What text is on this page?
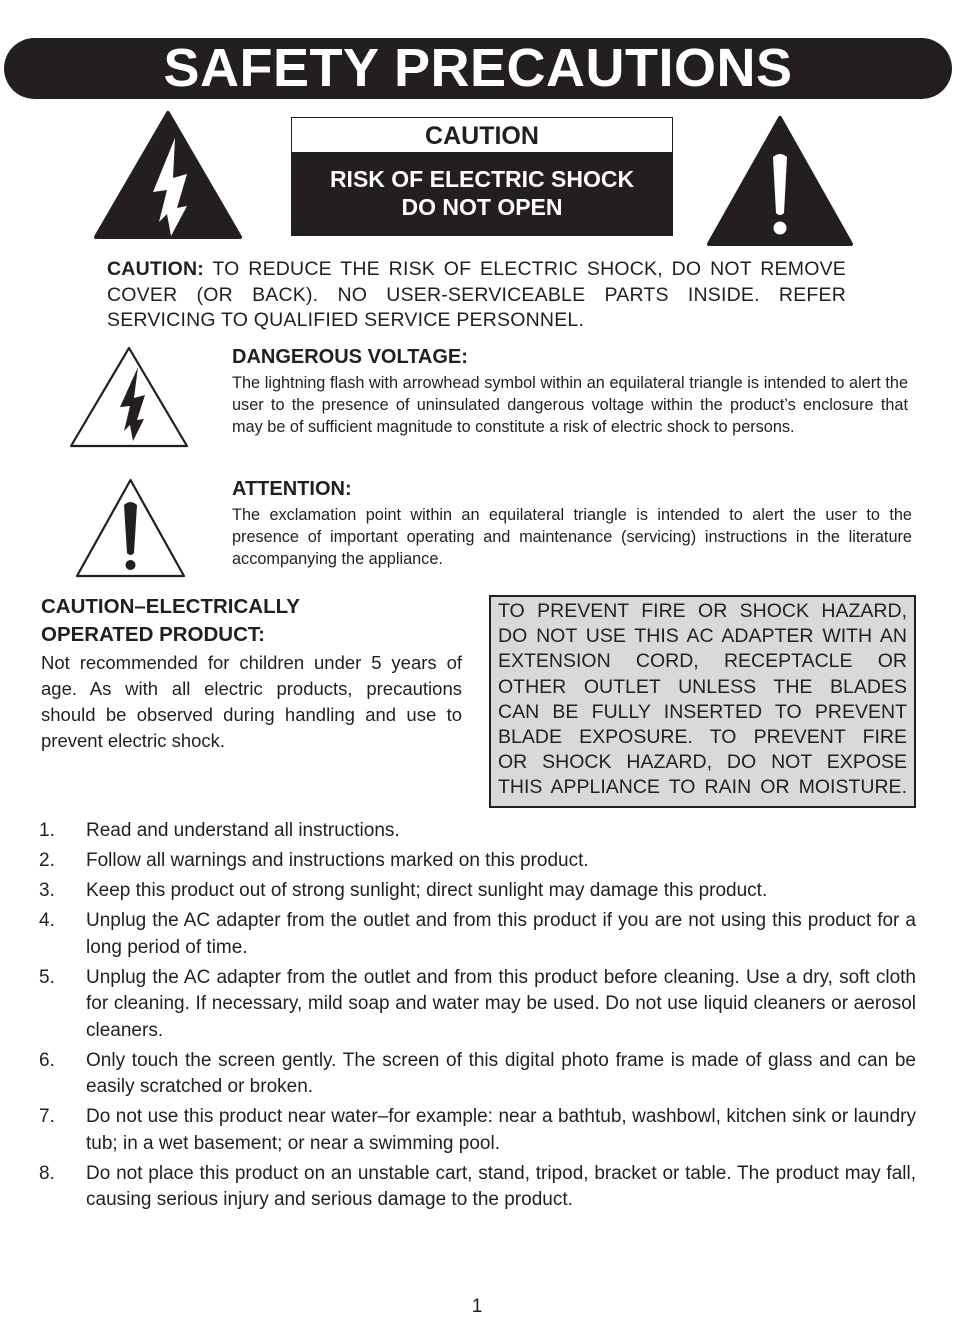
SAFETY PRECAUTIONS
CAUTION
RISK OF ELECTRIC SHOCK
DO NOT OPEN
CAUTION: TO REDUCE THE RISK OF ELECTRIC SHOCK, DO NOT REMOVE COVER (OR BACK). NO USER-SERVICEABLE PARTS INSIDE. REFER SERVICING TO QUALIFIED SERVICE PERSONNEL.
DANGEROUS VOLTAGE:

The lightning flash with arrowhead symbol within an equilateral triangle is intended to alert the user to the presence of uninsulated dangerous voltage within the product’s enclosure that may be of sufficient magnitude to constitute a risk of electric shock to persons.

ATTENTION:

The exclamation point within an equilateral triangle is intended to alert the user to the presence of important operating and maintenance (servicing) instructions in the literature accompanying the appliance.

CAUTION–ELECTRICALLY
OPERATED PRODUCT:

Not recommended for children under 5 years of age. As with all electric products, precautions should be observed during handling and use to prevent electric shock.

TO PREVENT FIRE OR SHOCK HAZARD,
DO NOT USE THIS AC ADAPTER WITH AN
EXTENSION CORD, RECEPTACLE OR
OTHER OUTLET UNLESS THE BLADES
CAN BE FULLY INSERTED TO PREVENT
BLADE EXPOSURE. TO PREVENT FIRE
OR SHOCK HAZARD, DO NOT EXPOSE
THIS APPLIANCE TO RAIN OR MOISTURE.
1. Read and understand all instructions.
2. Follow all warnings and instructions marked on this product.
3. Keep this product out of strong sunlight; direct sunlight may damage this product.
4. Unplug the AC adapter from the outlet and from this product if you are not using this product for a long period of time.
5. Unplug the AC adapter from the outlet and from this product before cleaning. Use a dry, soft cloth for cleaning. If necessary, mild soap and water may be used. Do not use liquid cleaners or aerosol cleaners.
6. Only touch the screen gently. The screen of this digital photo frame is made of glass and can be easily scratched or broken.
7. Do not use this product near water–for example: near a bathtub, washbowl, kitchen sink or laundry tub; in a wet basement; or near a swimming pool.
8. Do not place this product on an unstable cart, stand, tripod, bracket or table. The product may fall, causing serious injury and serious damage to the product.
1
